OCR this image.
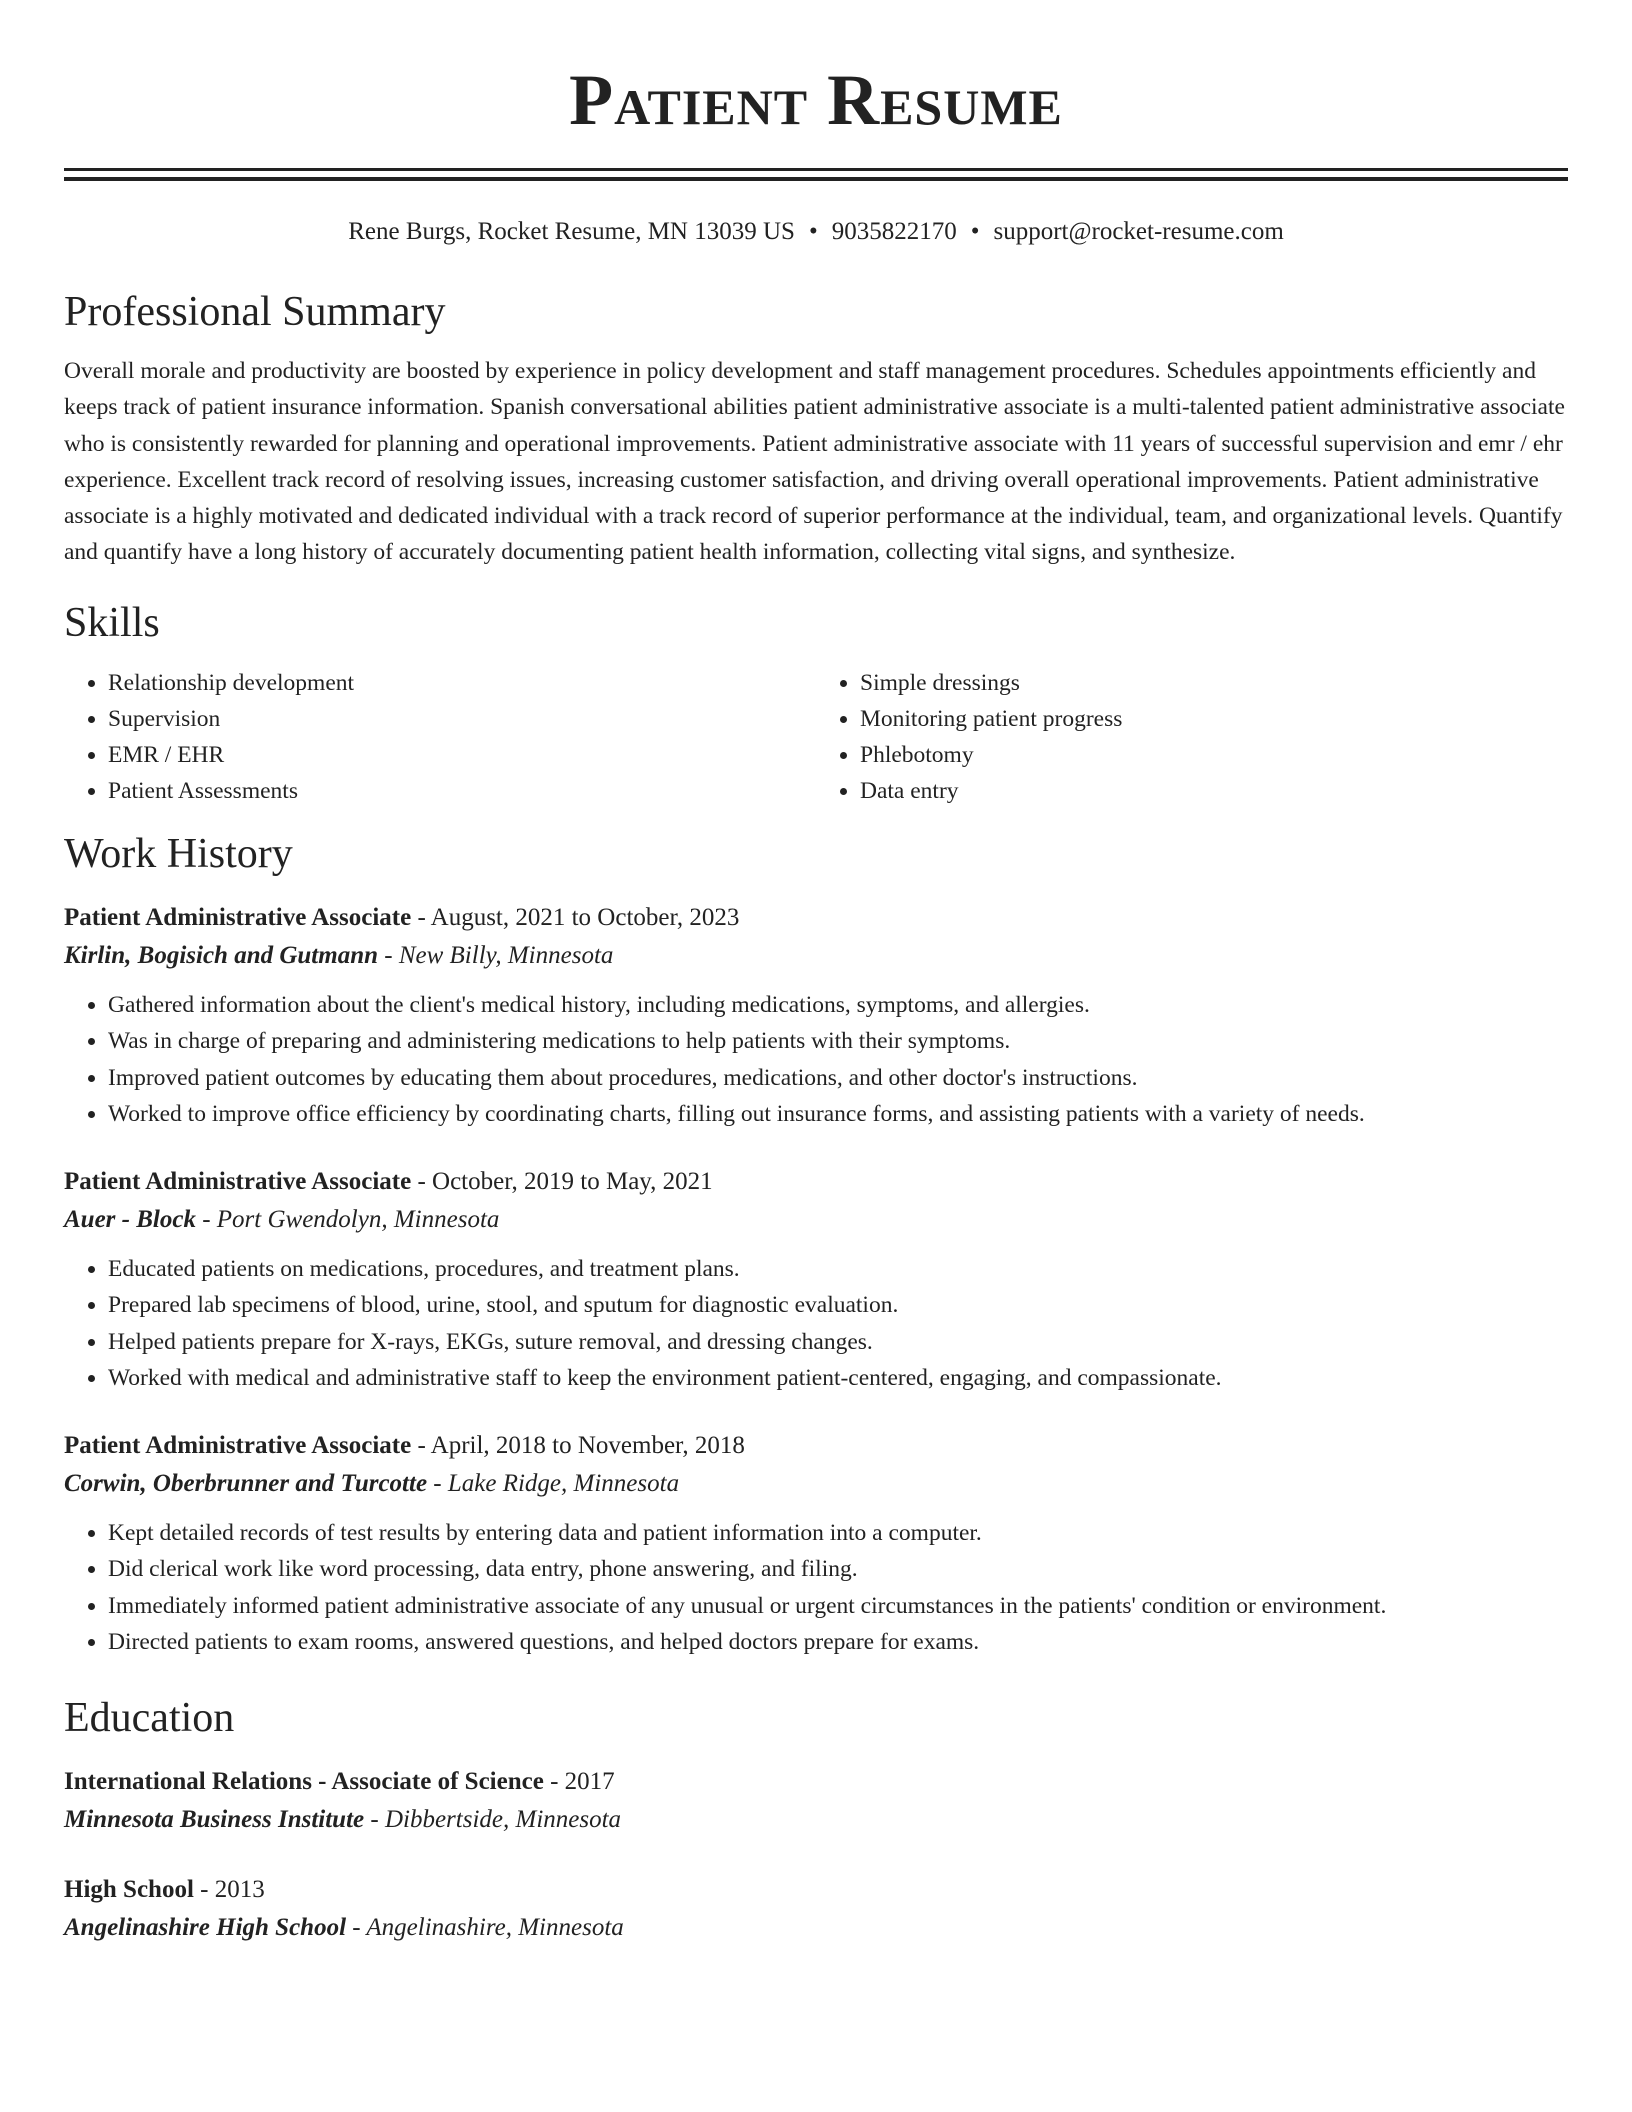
Patient Resume
Rene Burgs, Rocket Resume, MN 13039 US • 9035822170 • support@rocket-resume.com
Professional Summary
Overall morale and productivity are boosted by experience in policy development and staff management procedures. Schedules appointments efficiently and keeps track of patient insurance information. Spanish conversational abilities patient administrative associate is a multi-talented patient administrative associate who is consistently rewarded for planning and operational improvements. Patient administrative associate with 11 years of successful supervision and emr / ehr experience. Excellent track record of resolving issues, increasing customer satisfaction, and driving overall operational improvements. Patient administrative associate is a highly motivated and dedicated individual with a track record of superior performance at the individual, team, and organizational levels. Quantify and quantify have a long history of accurately documenting patient health information, collecting vital signs, and synthesize.
Skills
• Relationship development
• Supervision
• EMR / EHR
• Patient Assessments
• Simple dressings
• Monitoring patient progress
• Phlebotomy
• Data entry
Work History
Patient Administrative Associate - August, 2021 to October, 2023
Kirlin, Bogisich and Gutmann - New Billy, Minnesota
• Gathered information about the client's medical history, including medications, symptoms, and allergies.
• Was in charge of preparing and administering medications to help patients with their symptoms.
• Improved patient outcomes by educating them about procedures, medications, and other doctor's instructions.
• Worked to improve office efficiency by coordinating charts, filling out insurance forms, and assisting patients with a variety of needs.
Patient Administrative Associate - October, 2019 to May, 2021
Auer - Block - Port Gwendolyn, Minnesota
• Educated patients on medications, procedures, and treatment plans.
• Prepared lab specimens of blood, urine, stool, and sputum for diagnostic evaluation.
• Helped patients prepare for X-rays, EKGs, suture removal, and dressing changes.
• Worked with medical and administrative staff to keep the environment patient-centered, engaging, and compassionate.
Patient Administrative Associate - April, 2018 to November, 2018
Corwin, Oberbrunner and Turcotte - Lake Ridge, Minnesota
• Kept detailed records of test results by entering data and patient information into a computer.
• Did clerical work like word processing, data entry, phone answering, and filing.
• Immediately informed patient administrative associate of any unusual or urgent circumstances in the patients' condition or environment.
• Directed patients to exam rooms, answered questions, and helped doctors prepare for exams.
Education
International Relations - Associate of Science - 2017
Minnesota Business Institute - Dibbertside, Minnesota
High School - 2013
Angelinashire High School - Angelinashire, Minnesota
